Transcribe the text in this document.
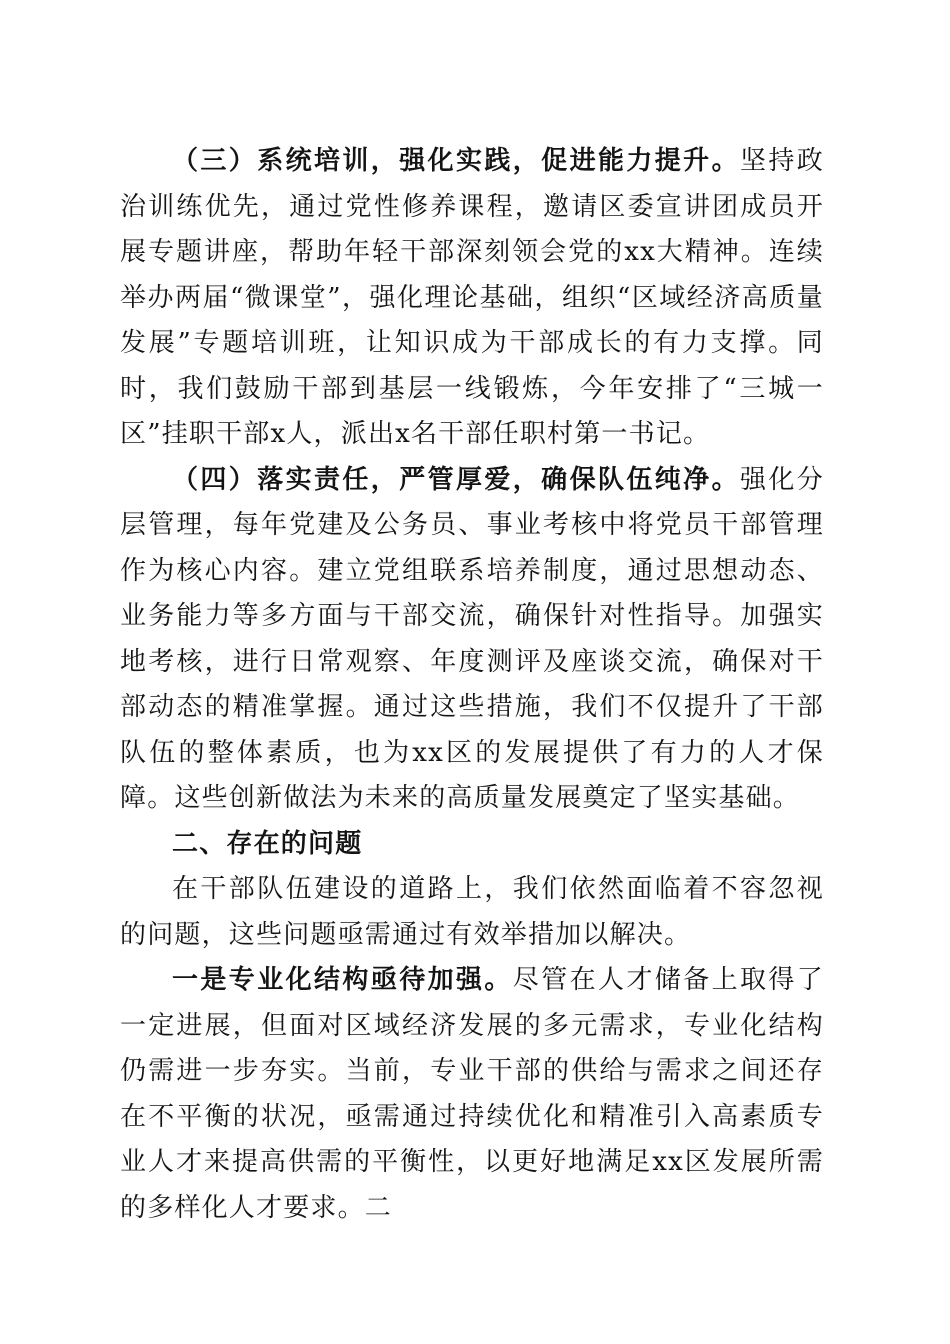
（三）系统培训，强化实践，促进能力提升。坚持政治训练优先，通过党性修养课程，邀请区委宣讲团成员开展专题讲座，帮助年轻干部深刻领会党的xx大精神。连续举办两届“微课堂”，强化理论基础，组织“区域经济高质量发展”专题培训班，让知识成为干部成长的有力支撑。同时，我们鼓励干部到基层一线锻炼，今年安排了“三城一区”挂职干部x人，派出x名干部任职村第一书记。

（四）落实责任，严管厚爱，确保队伍纯净。强化分层管理，每年党建及公务员、事业考核中将党员干部管理作为核心内容。建立党组联系培养制度，通过思想动态、业务能力等多方面与干部交流，确保针对性指导。加强实地考核，进行日常观察、年度测评及座谈交流，确保对干部动态的精准掌握。通过这些措施，我们不仅提升了干部队伍的整体素质，也为xx区的发展提供了有力的人才保障。这些创新做法为未来的高质量发展奠定了坚实基础。

二、存在的问题

在干部队伍建设的道路上，我们依然面临着不容忽视的问题，这些问题亟需通过有效举措加以解决。

一是专业化结构亟待加强。尽管在人才储备上取得了一定进展，但面对区域经济发展的多元需求，专业化结构仍需进一步夯实。当前，专业干部的供给与需求之间还存在不平衡的状况，亟需通过持续优化和精准引入高素质专业人才来提高供需的平衡性，以更好地满足xx区发展所需的多样化人才要求。二
